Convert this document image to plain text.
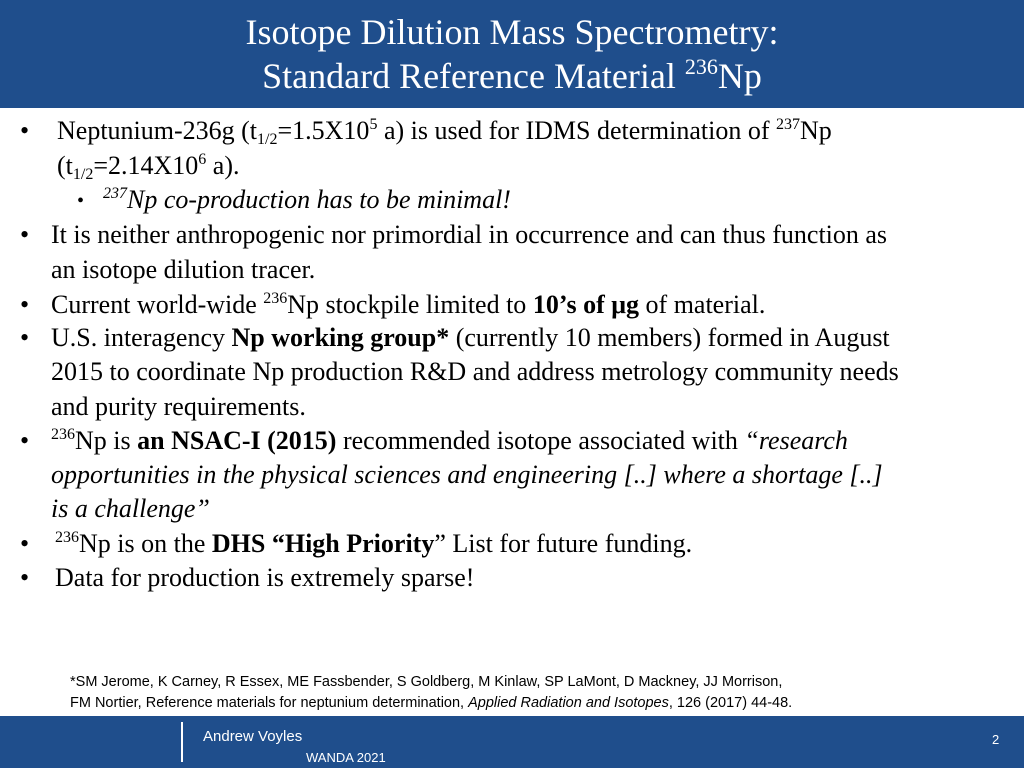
Isotope Dilution Mass Spectrometry:
Standard Reference Material $^{236}$Np
• Neptunium-236g ($t_{1/2}=1.5X10^5$ a) is used for IDMS determination of $^{237}$Np
($t_{1/2}=2.14X10^6$ a).
• $^{237}$Np co-production has to be minimal!
• It is neither anthropogenic nor primordial in occurrence and can thus function as
an isotope dilution tracer.
• Current world-wide $^{236}$Np stockpile limited to 10’s of μg of material.
• U.S. interagency Np working group* (currently 10 members) formed in August
2015 to coordinate Np production R&D and address metrology community needs
and purity requirements.
• $^{236}$Np is an NSAC-I (2015) recommended isotope associated with “research
opportunities in the physical sciences and engineering [..] where a shortage [..]
is a challenge”
• $^{236}$Np is on the DHS “High Priority” List for future funding.
• Data for production is extremely sparse!
*SM Jerome, K Carney, R Essex, ME Fassbender, S Goldberg, M Kinlaw, SP LaMont, D Mackney, JJ Morrison,
FM Nortier, Reference materials for neptunium determination, Applied Radiation and Isotopes, 126 (2017) 44-48.
Andrew Voyles
WANDA 2021
2
